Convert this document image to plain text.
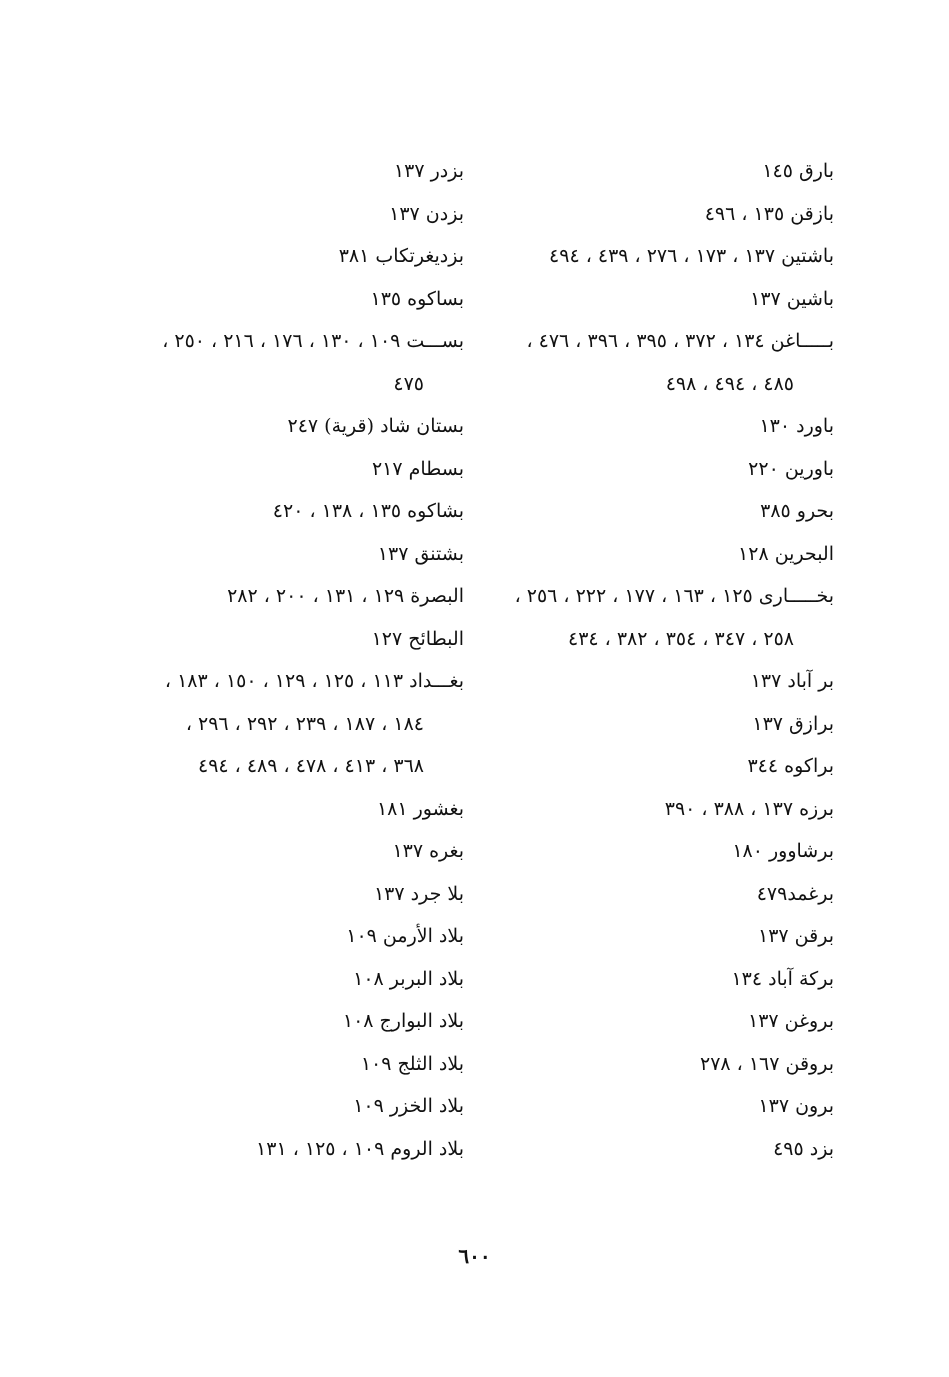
بارق ١٤٥
بازقن ١٣٥ ، ٤٩٦
باشتين ١٣٧ ، ١٧٣ ، ٢٧٦ ، ٤٣٩ ، ٤٩٤
باشين ١٣٧
بـــــاغن ١٣٤ ، ٣٧٢ ، ٣٩٥ ، ٣٩٦ ، ٤٧٦ ،
٤٨٥ ، ٤٩٤ ، ٤٩٨
باورد ١٣٠
باورين ٢٢٠
بحرو ٣٨٥
البحرين ١٢٨
بخـــــارى ١٢٥ ، ١٦٣ ، ١٧٧ ، ٢٢٢ ، ٢٥٦ ،
٢٥٨ ، ٣٤٧ ، ٣٥٤ ، ٣٨٢ ، ٤٣٤
بر آباد ١٣٧
برازق ١٣٧
براكوه ٣٤٤
برزه ١٣٧ ، ٣٨٨ ، ٣٩٠
برشاوور ١٨٠
برغمد٤٧٩
برقن ١٣٧
بركة آباد ١٣٤
بروغن ١٣٧
بروقن ١٦٧ ، ٢٧٨
برون ١٣٧
بزد ٤٩٥
بزدر ١٣٧
بزدن ١٣٧
بزديغرتكاب ٣٨١
بساكوه ١٣٥
بســـت ١٠٩ ، ١٣٠ ، ١٧٦ ، ٢١٦ ، ٢٥٠ ،
٤٧٥
بستان شاد (قرية) ٢٤٧
بسطام ٢١٧
بشاكوه ١٣٥ ، ١٣٨ ، ٤٢٠
بشتنق ١٣٧
البصرة ١٢٩ ، ١٣١ ، ٢٠٠ ، ٢٨٢
البطائح ١٢٧
بغـــداد ١١٣ ، ١٢٥ ، ١٢٩ ، ١٥٠ ، ١٨٣ ،
١٨٤ ، ١٨٧ ، ٢٣٩ ، ٢٩٢ ، ٢٩٦ ،
٣٦٨ ، ٤١٣ ، ٤٧٨ ، ٤٨٩ ، ٤٩٤
بغشور ١٨١
بغره ١٣٧
بلا جرد ١٣٧
بلاد الأرمن ١٠٩
بلاد البربر ١٠٨
بلاد البوارج ١٠٨
بلاد الثلج ١٠٩
بلاد الخزر ١٠٩
بلاد الروم ١٠٩ ، ١٢٥ ، ١٣١
٦٠٠
